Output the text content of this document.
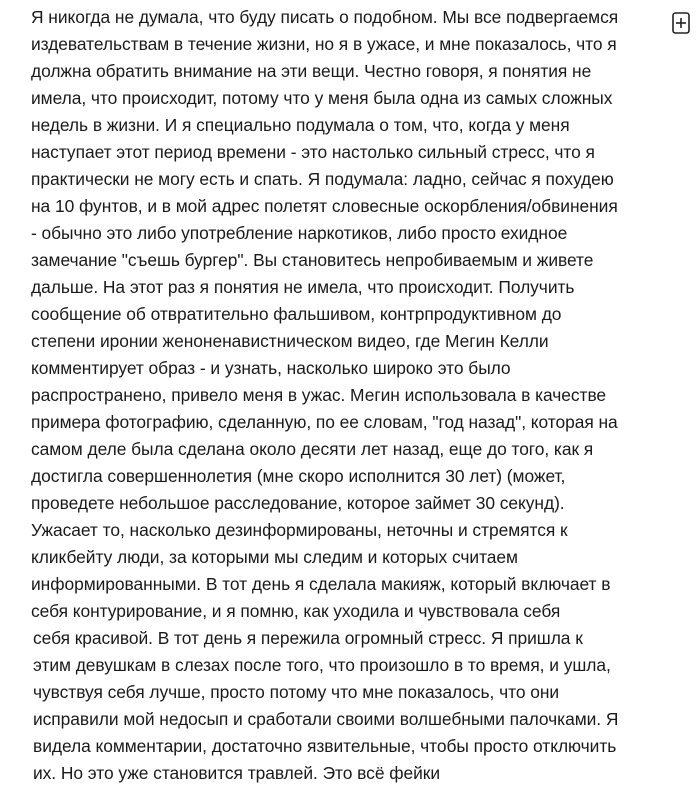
Я никогда не думала, что буду писать о подобном. Мы все подвергаемся
издевательствам в течение жизни, но я в ужасе, и мне показалось, что я
должна обратить внимание на эти вещи. Честно говоря, я понятия не
имела, что происходит, потому что у меня была одна из самых сложных
недель в жизни. И я специально подумала о том, что, когда у меня
наступает этот период времени - это настолько сильный стресс, что я
практически не могу есть и спать. Я подумала: ладно, сейчас я похудею
на 10 фунтов, и в мой адрес полетят словесные оскорбления/обвинения
- обычно это либо употребление наркотиков, либо просто ехидное
замечание "съешь бургер". Вы становитесь непробиваемым и живете
дальше. На этот раз я понятия не имела, что происходит. Получить
сообщение об отвратительно фальшивом, контрпродуктивном до
степени иронии женоненавистническом видео, где Мегин Келли
комментирует образ - и узнать, насколько широко это было
распространено, привело меня в ужас. Мегин использовала в качестве
примера фотографию, сделанную, по ее словам, "год назад", которая на
самом деле была сделана около десяти лет назад, еще до того, как я
достигла совершеннолетия (мне скоро исполнится 30 лет) (может,
проведете небольшое расследование, которое займет 30 секунд).
Ужасает то, насколько дезинформированы, неточны и стремятся к
кликбейту люди, за которыми мы следим и которых считаем
информированными. В тот день я сделала макияж, который включает в
себя контурирование, и я помню, как уходила и чувствовала себя
себя красивой. В тот день я пережила огромный стресс. Я пришла к
этим девушкам в слезах после того, что произошло в то время, и ушла,
чувствуя себя лучше, просто потому что мне показалось, что они
исправили мой недосып и сработали своими волшебными палочками. Я
видела комментарии, достаточно язвительные, чтобы просто отключить
их. Но это уже становится травлей. Это всё фейки
